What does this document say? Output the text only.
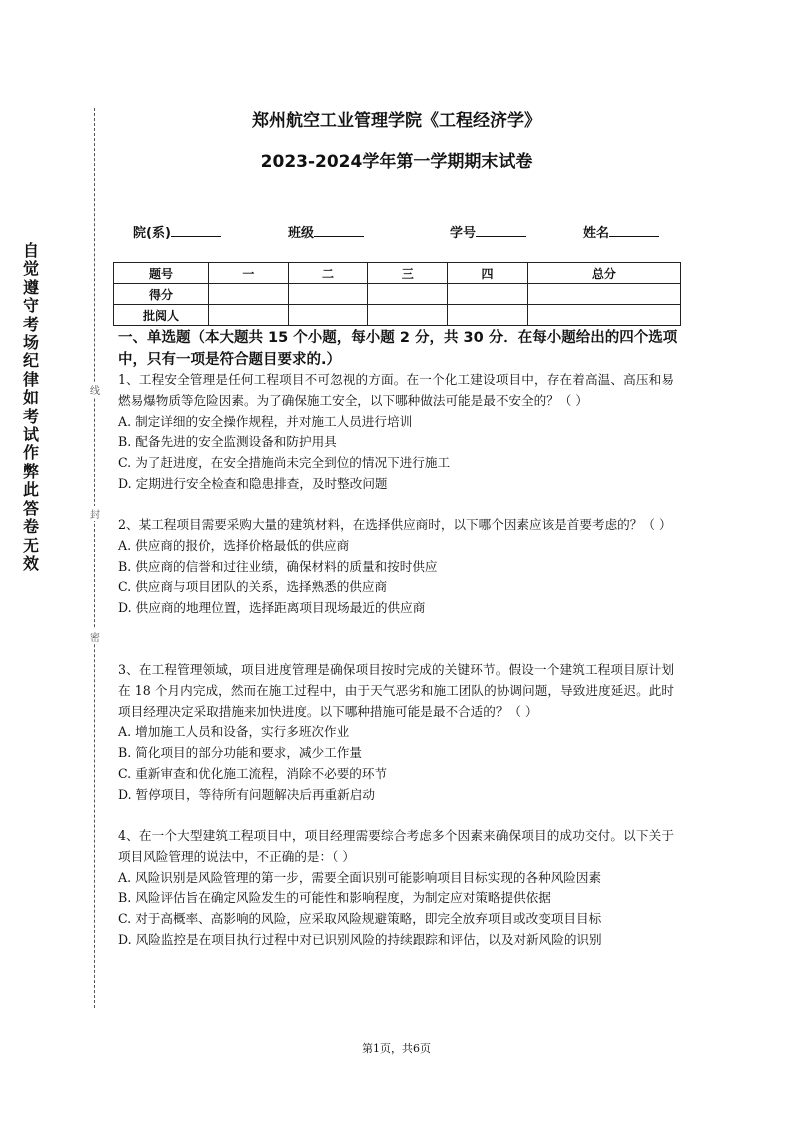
自觉遵守考场纪律如考试作弊此答卷无效
线
封
密
郑州航空工业管理学院《工程经济学》
2023-2024学年第一学期期末试卷
院(系)	班级	学号	姓名
题号	一	二	三	四	总分
得分					
批阅人					
一、单选题（本大题共 15 个小题，每小题 2 分，共 30 分．在每小题给出的四个选项中，只有一项是符合题目要求的.）

1、工程安全管理是任何工程项目不可忽视的方面。在一个化工建设项目中，存在着高温、高压和易燃易爆物质等危险因素。为了确保施工安全，以下哪种做法可能是最不安全的？（ ）

A. 制定详细的安全操作规程，并对施工人员进行培训

B. 配备先进的安全监测设备和防护用具

C. 为了赶进度，在安全措施尚未完全到位的情况下进行施工

D. 定期进行安全检查和隐患排查，及时整改问题

2、某工程项目需要采购大量的建筑材料，在选择供应商时，以下哪个因素应该是首要考虑的？（ ）

A. 供应商的报价，选择价格最低的供应商

B. 供应商的信誉和过往业绩，确保材料的质量和按时供应

C. 供应商与项目团队的关系，选择熟悉的供应商

D. 供应商的地理位置，选择距离项目现场最近的供应商

3、在工程管理领域，项目进度管理是确保项目按时完成的关键环节。假设一个建筑工程项目原计划在 18 个月内完成，然而在施工过程中，由于天气恶劣和施工团队的协调问题，导致进度延迟。此时项目经理决定采取措施来加快进度。以下哪种措施可能是最不合适的？（ ）

A. 增加施工人员和设备，实行多班次作业

B. 简化项目的部分功能和要求，减少工作量

C. 重新审查和优化施工流程，消除不必要的环节

D. 暂停项目，等待所有问题解决后再重新启动

4、在一个大型建筑工程项目中，项目经理需要综合考虑多个因素来确保项目的成功交付。以下关于项目风险管理的说法中，不正确的是：（ ）

A. 风险识别是风险管理的第一步，需要全面识别可能影响项目目标实现的各种风险因素

B. 风险评估旨在确定风险发生的可能性和影响程度，为制定应对策略提供依据

C. 对于高概率、高影响的风险，应采取风险规避策略，即完全放弃项目或改变项目目标

D. 风险监控是在项目执行过程中对已识别风险的持续跟踪和评估，以及对新风险的识别

第1页，共6页
